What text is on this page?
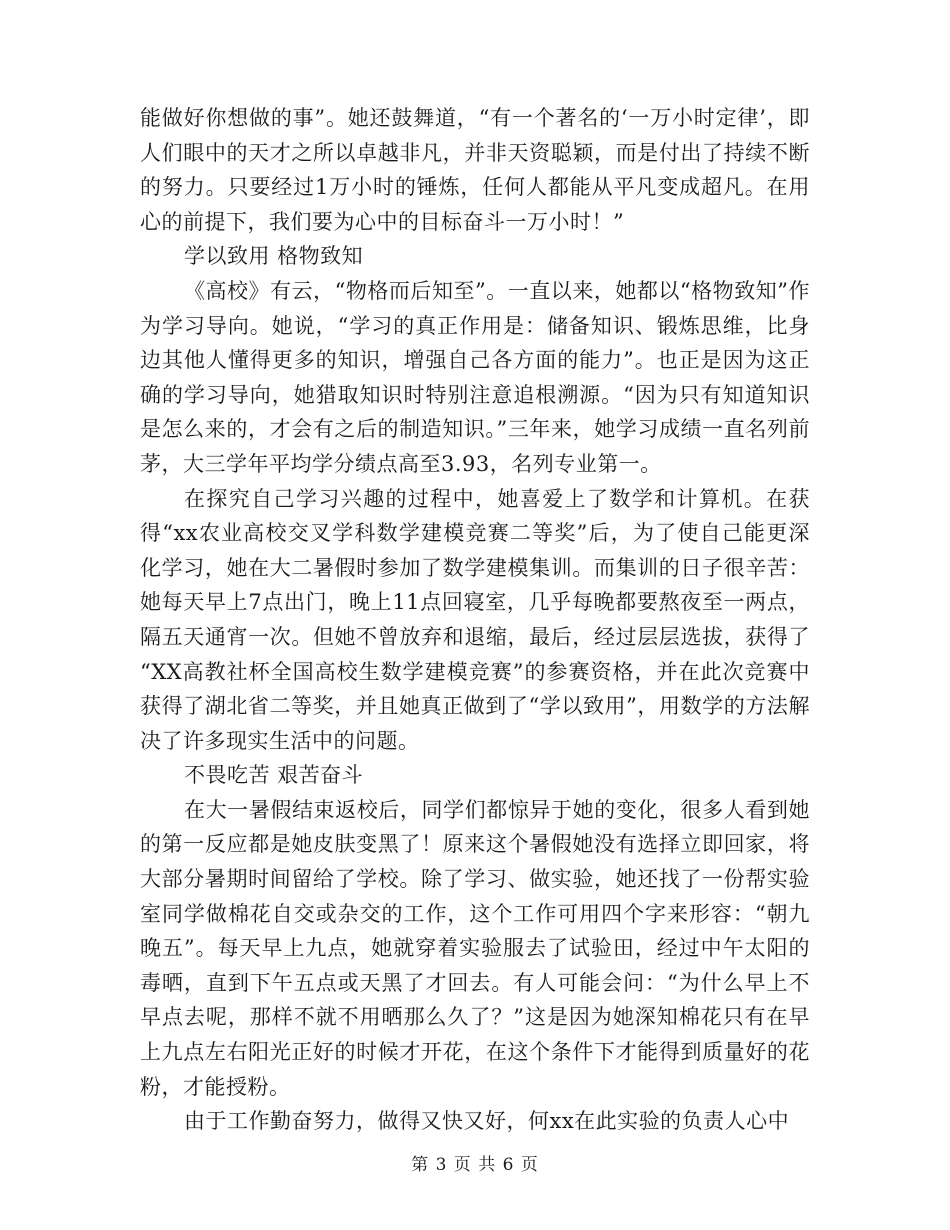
能做好你想做的事”。她还鼓舞道，“有一个著名的‘一万小时定律’，即人们眼中的天才之所以卓越非凡，并非天资聪颖，而是付出了持续不断的努力。只要经过1万小时的锤炼，任何人都能从平凡变成超凡。在用心的前提下，我们要为心中的目标奋斗一万小时！”

学以致用 格物致知

《高校》有云，“物格而后知至”。一直以来，她都以“格物致知”作为学习导向。她说，“学习的真正作用是：储备知识、锻炼思维，比身边其他人懂得更多的知识，增强自己各方面的能力”。也正是因为这正确的学习导向，她猎取知识时特别注意追根溯源。“因为只有知道知识是怎么来的，才会有之后的制造知识。”三年来，她学习成绩一直名列前茅，大三学年平均学分绩点高至3.93，名列专业第一。

在探究自己学习兴趣的过程中，她喜爱上了数学和计算机。在获得“xx农业高校交叉学科数学建模竞赛二等奖”后，为了使自己能更深化学习，她在大二暑假时参加了数学建模集训。而集训的日子很辛苦：她每天早上7点出门，晚上11点回寝室，几乎每晚都要熬夜至一两点，隔五天通宵一次。但她不曾放弃和退缩，最后，经过层层选拔，获得了 “XX高教社杯全国高校生数学建模竞赛”的参赛资格，并在此次竞赛中获得了湖北省二等奖，并且她真正做到了“学以致用”，用数学的方法解决了许多现实生活中的问题。

不畏吃苦 艰苦奋斗

在大一暑假结束返校后，同学们都惊异于她的变化，很多人看到她的第一反应都是她皮肤变黑了！原来这个暑假她没有选择立即回家，将大部分暑期时间留给了学校。除了学习、做实验，她还找了一份帮实验室同学做棉花自交或杂交的工作，这个工作可用四个字来形容：“朝九晚五”。每天早上九点，她就穿着实验服去了试验田，经过中午太阳的毒晒，直到下午五点或天黑了才回去。有人可能会问：“为什么早上不早点去呢，那样不就不用晒那么久了？”这是因为她深知棉花只有在早上九点左右阳光正好的时候才开花，在这个条件下才能得到质量好的花粉，才能授粉。

由于工作勤奋努力，做得又快又好，何xx在此实验的负责人心中

第 3 页 共 6 页
